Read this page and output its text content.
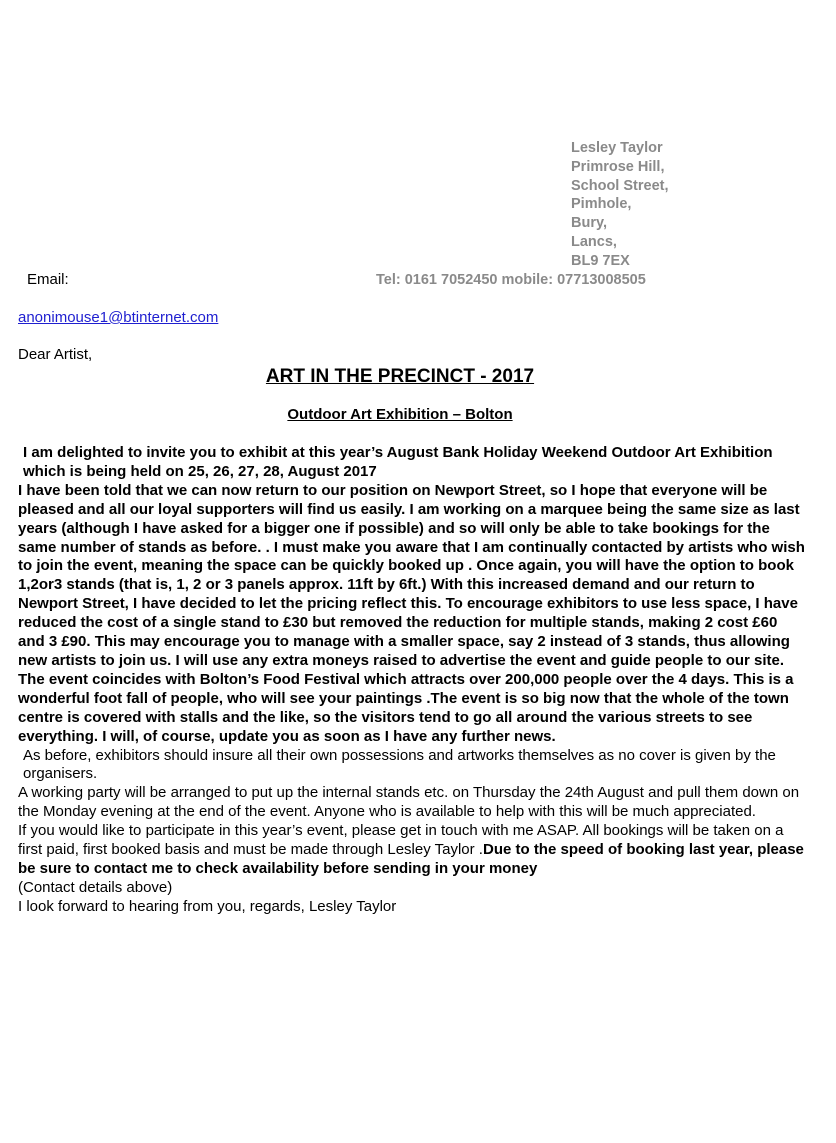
Lesley Taylor
Primrose Hill,
School Street,
Pimhole,
Bury,
Lancs,
BL9 7EX
Email:	Tel: 0161 7052450 mobile: 07713008505
anonimouse1@btinternet.com
Dear Artist,
ART IN THE PRECINCT - 2017
Outdoor Art Exhibition – Bolton

I am delighted to invite you to exhibit at this year’s August Bank Holiday Weekend Outdoor Art Exhibition which is being held on 25, 26, 27, 28, August 2017

I have been told that we can now return to our position on Newport Street, so I hope that everyone will be pleased and all our loyal supporters will find us easily. I am working on a marquee being the same size as last years (although I have asked for a bigger one if possible) and so will only be able to take bookings for the same number of stands as before. . I must make you aware that I am continually contacted by artists who wish to join the event, meaning the space can be quickly booked up . Once again, you will have the option to book 1,2or3 stands (that is, 1, 2 or 3 panels approx. 11ft by 6ft.) With this increased demand and our return to Newport Street, I have decided to let the pricing reflect this. To encourage exhibitors to use less space, I have reduced the cost of a single stand to £30 but removed the reduction for multiple stands, making 2 cost £60 and 3 £90. This may encourage you to manage with a smaller space, say 2 instead of 3 stands, thus allowing new artists to join us. I will use any extra moneys raised to advertise the event and guide people to our site. The event coincides with Bolton’s Food Festival which attracts over 200,000 people over the 4 days. This is a wonderful foot fall of people, who will see your paintings .The event is so big now that the whole of the town centre is covered with stalls and the like, so the visitors tend to go all around the various streets to see everything. I will, of course, update you as soon as I have any further news.

As before, exhibitors should insure all their own possessions and artworks themselves as no cover is given by the organisers.

A working party will be arranged to put up the internal stands etc. on Thursday the 24th August and pull them down on the Monday evening at the end of the event. Anyone who is available to help with this will be much appreciated.

If you would like to participate in this year’s event, please get in touch with me ASAP. All bookings will be taken on a first paid, first booked basis and must be made through Lesley Taylor .Due to the speed of booking last year, please be sure to contact me to check availability before sending in your money

(Contact details above)

I look forward to hearing from you, regards, Lesley Taylor
